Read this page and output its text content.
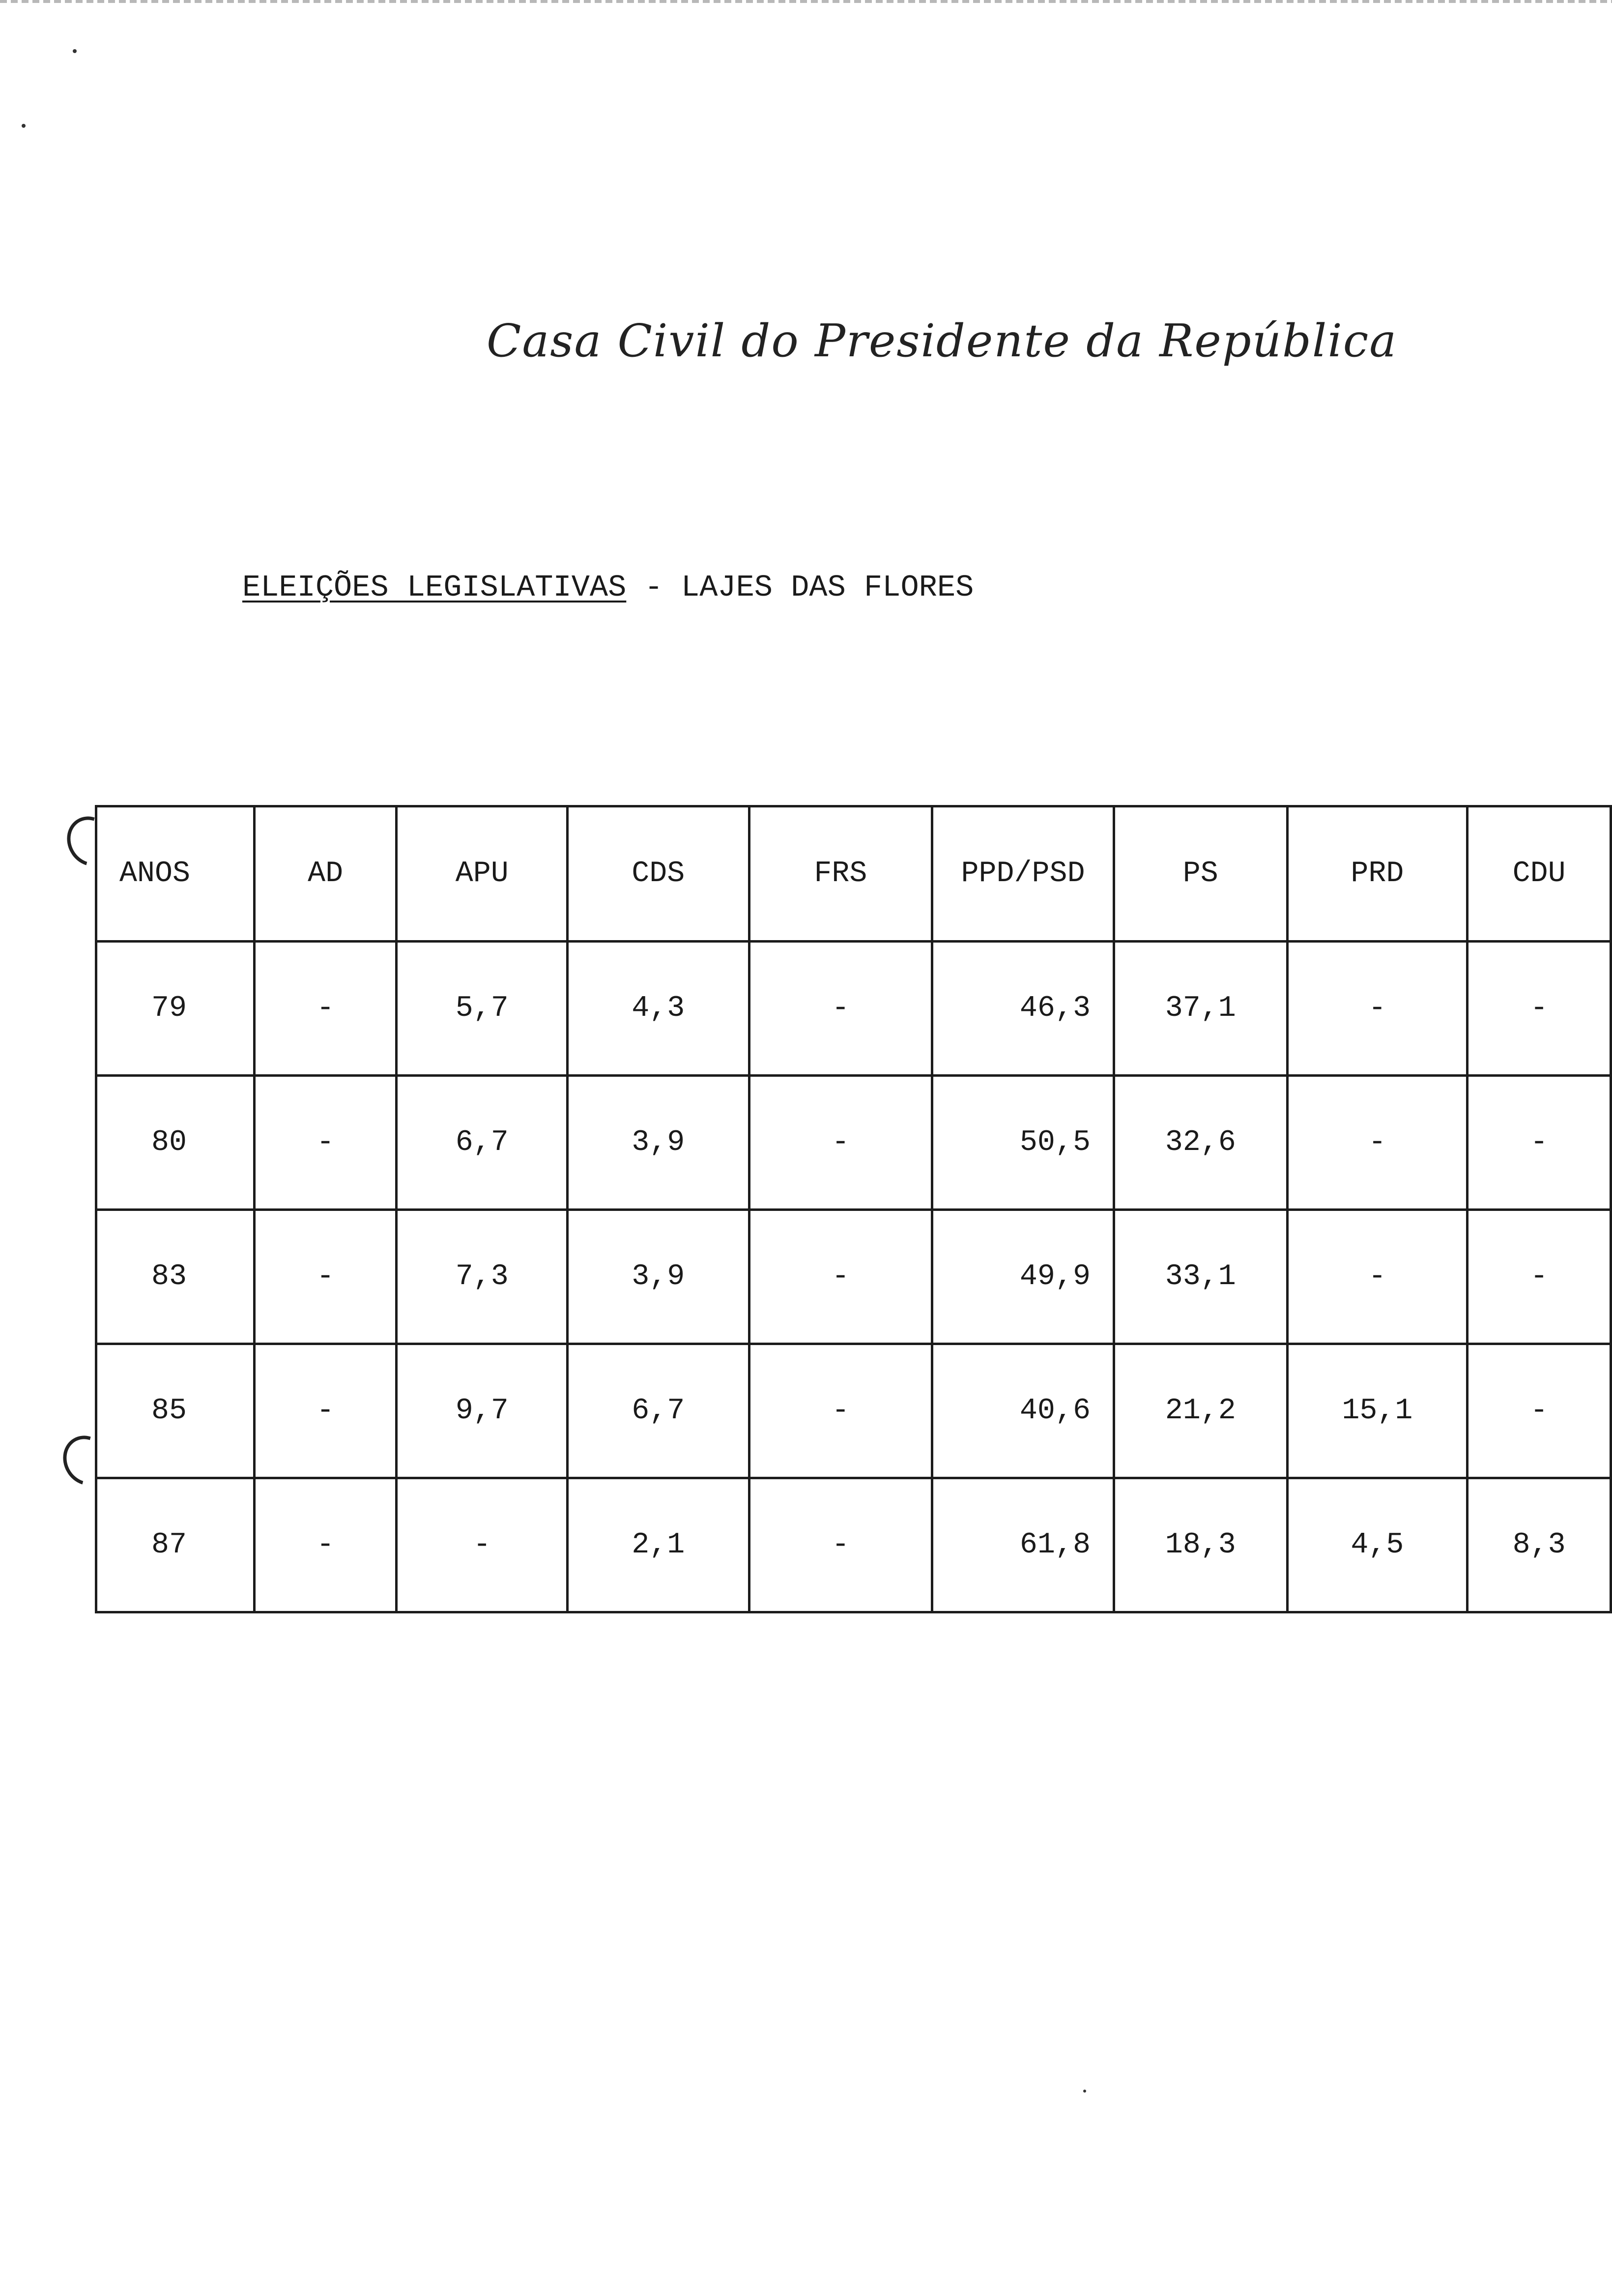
Casa Civil do Presidente da República
ELEIÇÕES LEGISLATIVAS - LAJES DAS FLORES
ANOS	AD	APU	CDS	FRS	PPD/PSD	PS	PRD	CDU
79	-	5,7	4,3	-	46,3	37,1	-	-
80	-	6,7	3,9	-	50,5	32,6	-	-
83	-	7,3	3,9	-	49,9	33,1	-	-
85	-	9,7	6,7	-	40,6	21,2	15,1	-
87	-	-	2,1	-	61,8	18,3	4,5	8,3
